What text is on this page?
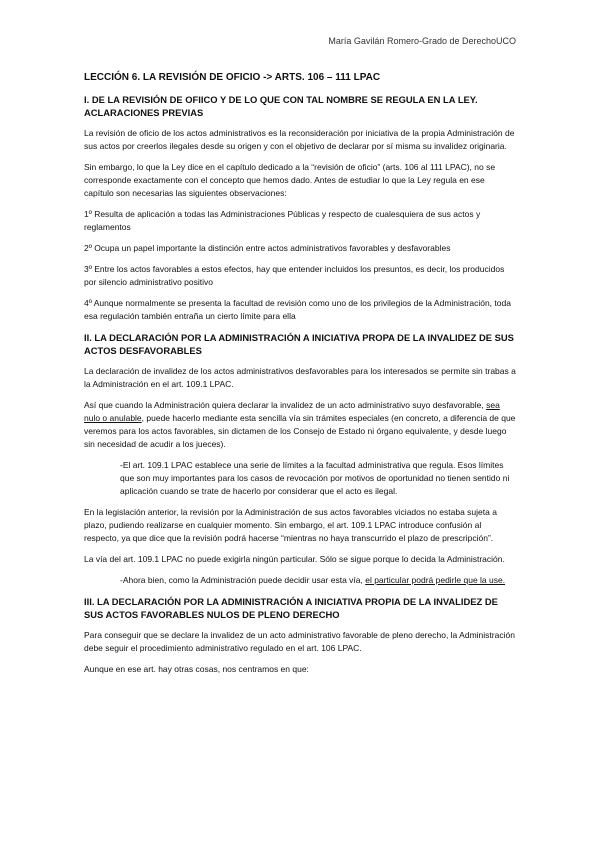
María Gavilán Romero-Grado de DerechoUCO
LECCIÓN 6. LA REVISIÓN DE OFICIO -> ARTS. 106 – 111 LPAC
I. DE LA REVISIÓN DE OFIICO Y DE LO QUE CON TAL NOMBRE SE REGULA EN LA LEY. ACLARACIONES PREVIAS

La revisión de oficio de los actos administrativos es la reconsideración por iniciativa de la propia Administración de sus actos por creerlos ilegales desde su origen y con el objetivo de declarar por sí misma su invalidez originaria.

Sin embargo, lo que la Ley dice en el capítulo dedicado a la “revisión de oficio” (arts. 106 al 111 LPAC), no se corresponde exactamente con el concepto que hemos dado. Antes de estudiar lo que la Ley regula en ese capítulo son necesarias las siguientes observaciones:

1º Resulta de aplicación a todas las Administraciones Públicas y respecto de cualesquiera de sus actos y reglamentos

2º Ocupa un papel importante la distinción entre actos administrativos favorables y desfavorables

3º Entre los actos favorables a estos efectos, hay que entender incluidos los presuntos, es decir, los producidos por silencio administrativo positivo

4º Aunque normalmente se presenta la facultad de revisión como uno de los privilegios de la Administración, toda esa regulación también entraña un cierto límite para ella

II. LA DECLARACIÓN POR LA ADMINISTRACIÓN A INICIATIVA PROPA DE LA INVALIDEZ DE SUS ACTOS DESFAVORABLES

La declaración de invalidez de los actos administrativos desfavorables para los interesados se permite sin trabas a la Administración en el art. 109.1 LPAC.

Así que cuando la Administración quiera declarar la invalidez de un acto administrativo suyo desfavorable, sea nulo o anulable, puede hacerlo mediante esta sencilla vía sin trámites especiales (en concreto, a diferencia de que veremos para los actos favorables, sin dictamen de los Consejo de Estado ni órgano equivalente, y desde luego sin necesidad de acudir a los jueces).

-El art. 109.1 LPAC establece una serie de límites a la facultad administrativa que regula. Esos límites que son muy importantes para los casos de revocación por motivos de oportunidad no tienen sentido ni aplicación cuando se trate de hacerlo por considerar que el acto es ilegal.

En la legislación anterior, la revisión por la Administración de sus actos favorables viciados no estaba sujeta a plazo, pudiendo realizarse en cualquier momento. Sin embargo, el art. 109.1 LPAC introduce confusión al respecto, ya que dice que la revisión podrá hacerse “mientras no haya transcurrido el plazo de prescripción”.

La vía del art. 109.1 LPAC no puede exigirla ningún particular. Sólo se sigue porque lo decida la Administración.

-Ahora bien, como la Administración puede decidir usar esta vía, el particular podrá pedirle que la use.

III. LA DECLARACIÓN POR LA ADMINISTRACIÓN A INICIATIVA PROPIA DE LA INVALIDEZ DE SUS ACTOS FAVORABLES NULOS DE PLENO DERECHO

Para conseguir que se declare la invalidez de un acto administrativo favorable de pleno derecho, la Administración debe seguir el procedimiento administrativo regulado en el art. 106 LPAC.

Aunque en ese art. hay otras cosas, nos centramos en que:
